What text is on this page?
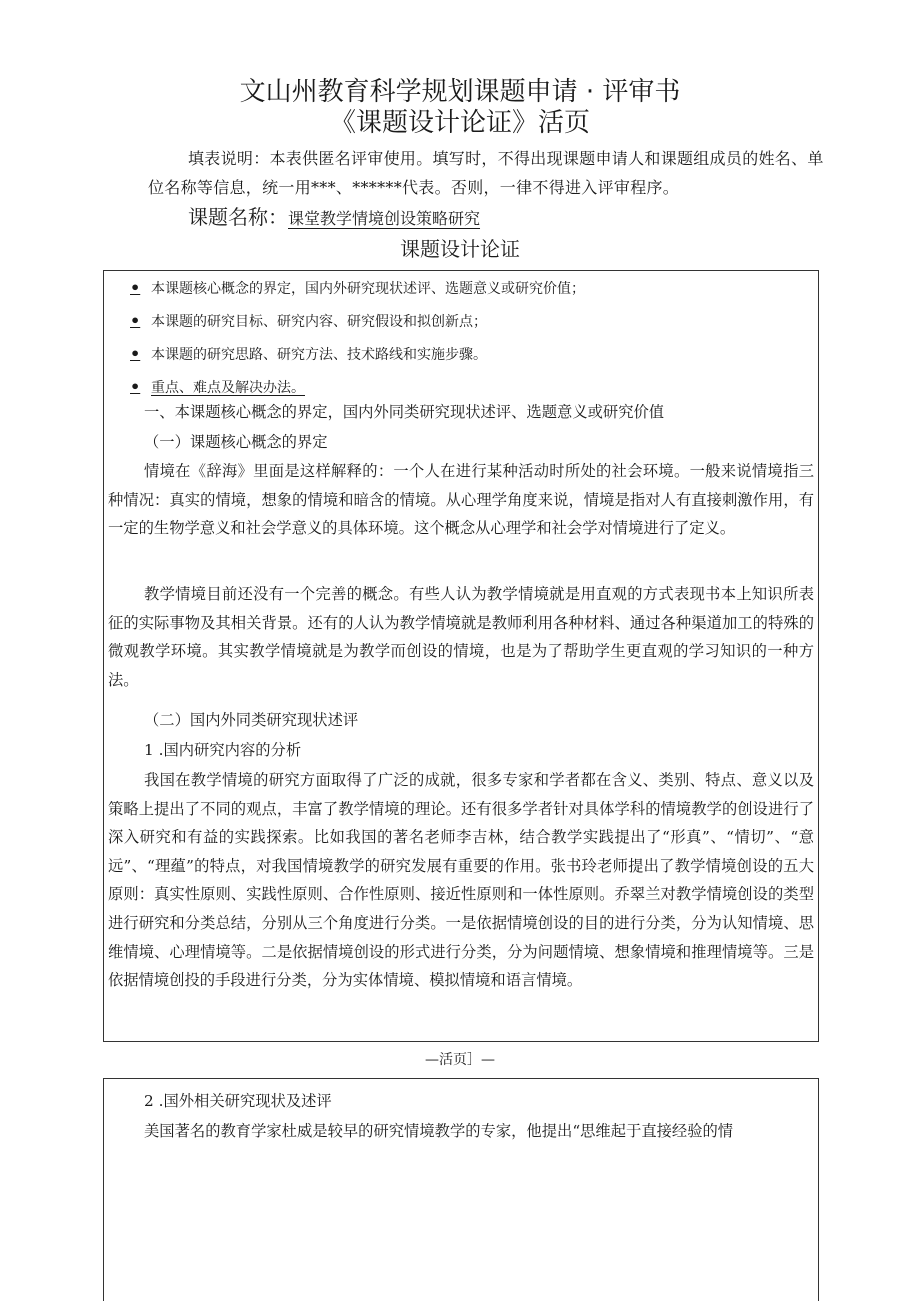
文山州教育科学规划课题申请 · 评审书
《课题设计论证》活页
填表说明：本表供匿名评审使用。填写时，不得出现课题申请人和课题组成员的姓名、单位名称等信息，统一用***、******代表。否则，一律不得进入评审程序。
课题名称：课堂教学情境创设策略研究
课题设计论证
• 本课题核心概念的界定，国内外研究现状述评、选题意义或研究价值；
• 本课题的研究目标、研究内容、研究假设和拟创新点；
• 本课题的研究思路、研究方法、技术路线和实施步骤。
• 重点、难点及解决办法。

一、本课题核心概念的界定，国内外同类研究现状述评、选题意义或研究价值

（一）课题核心概念的界定

情境在《辞海》里面是这样解释的：一个人在进行某种活动时所处的社会环境。一般来说情境指三种情况：真实的情境，想象的情境和暗含的情境。从心理学角度来说，情境是指对人有直接刺激作用，有一定的生物学意义和社会学意义的具体环境。这个概念从心理学和社会学对情境进行了定义。

教学情境目前还没有一个完善的概念。有些人认为教学情境就是用直观的方式表现书本上知识所表征的实际事物及其相关背景。还有的人认为教学情境就是教师利用各种材料、通过各种渠道加工的特殊的微观教学环境。其实教学情境就是为教学而创设的情境，也是为了帮助学生更直观的学习知识的一种方法。

（二）国内外同类研究现状述评

1 .国内研究内容的分析

我国在教学情境的研究方面取得了广泛的成就，很多专家和学者都在含义、类别、特点、意义以及策略上提出了不同的观点，丰富了教学情境的理论。还有很多学者针对具体学科的情境教学的创设进行了深入研究和有益的实践探索。比如我国的著名老师李吉林，结合教学实践提出了“形真”、“情切”、“意远”、“理蕴”的特点，对我国情境教学的研究发展有重要的作用。张书玲老师提出了教学情境创设的五大原则：真实性原则、实践性原则、合作性原则、接近性原则和一体性原则。乔翠兰对教学情境创设的类型进行研究和分类总结，分别从三个角度进行分类。一是依据情境创设的目的进行分类，分为认知情境、思维情境、心理情境等。二是依据情境创设的形式进行分类，分为问题情境、想象情境和推理情境等。三是依据情境创投的手段进行分类，分为实体情境、模拟情境和语言情境。

—活页］—

2 .国外相关研究现状及述评

美国著名的教育学家杜威是较早的研究情境教学的专家，他提出“思维起于直接经验的情
